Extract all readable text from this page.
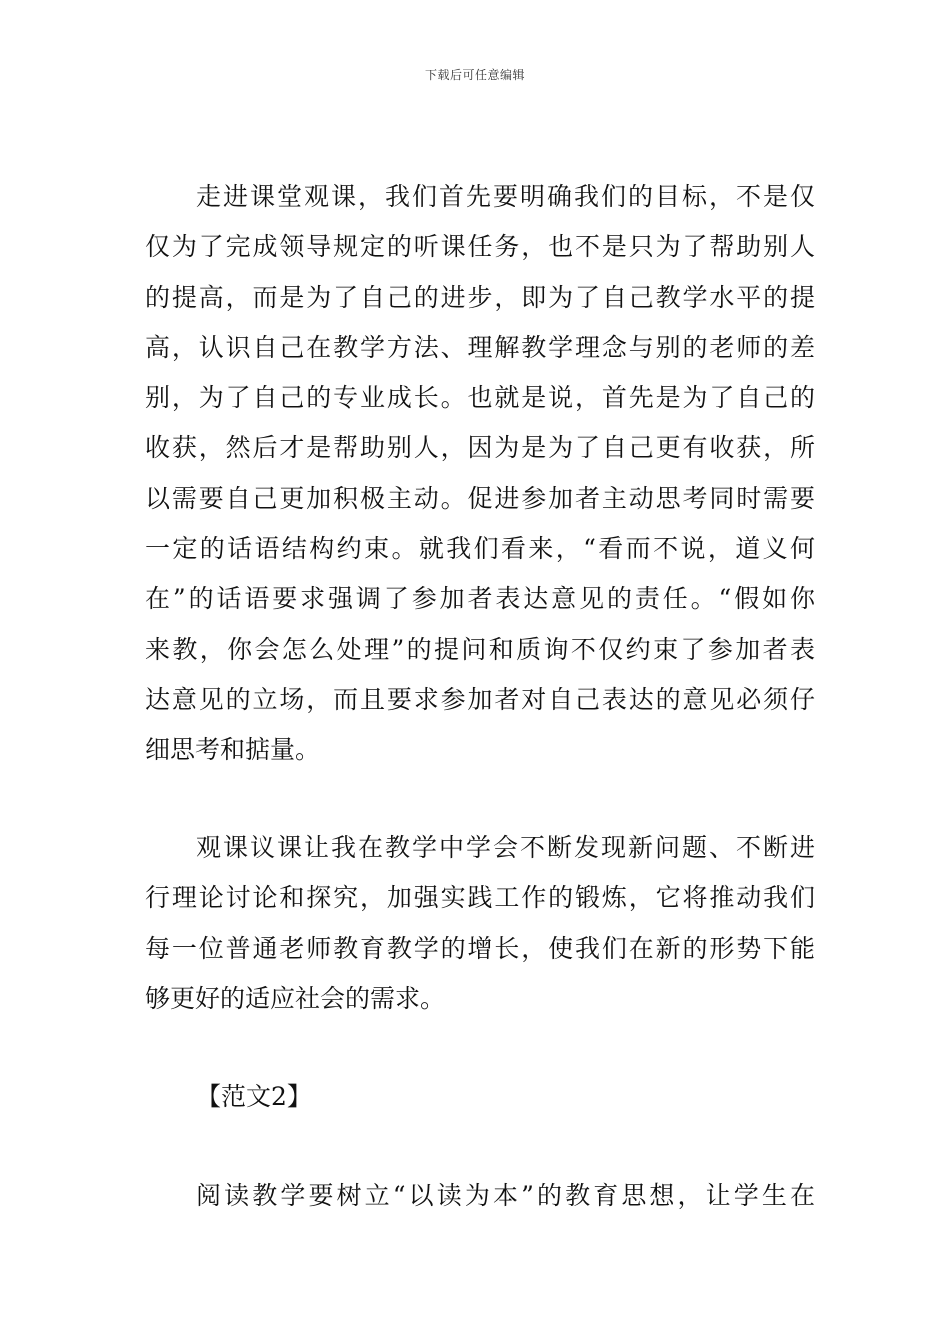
下载后可任意编辑
走进课堂观课，我们首先要明确我们的目标，不是仅
仅为了完成领导规定的听课任务，也不是只为了帮助别人
的提高，而是为了自己的进步，即为了自己教学水平的提
高，认识自己在教学方法、理解教学理念与别的老师的差
别，为了自己的专业成长。也就是说，首先是为了自己的
收获，然后才是帮助别人，因为是为了自己更有收获，所
以需要自己更加积极主动。促进参加者主动思考同时需要
一定的话语结构约束。就我们看来，“看而不说，道义何
在”的话语要求强调了参加者表达意见的责任。“假如你
来教，你会怎么处理”的提问和质询不仅约束了参加者表
达意见的立场，而且要求参加者对自己表达的意见必须仔
细思考和掂量。
观课议课让我在教学中学会不断发现新问题、不断进
行理论讨论和探究，加强实践工作的锻炼，它将推动我们
每一位普通老师教育教学的增长，使我们在新的形势下能
够更好的适应社会的需求。
【范文2】
阅读教学要树立“以读为本”的教育思想，让学生在
